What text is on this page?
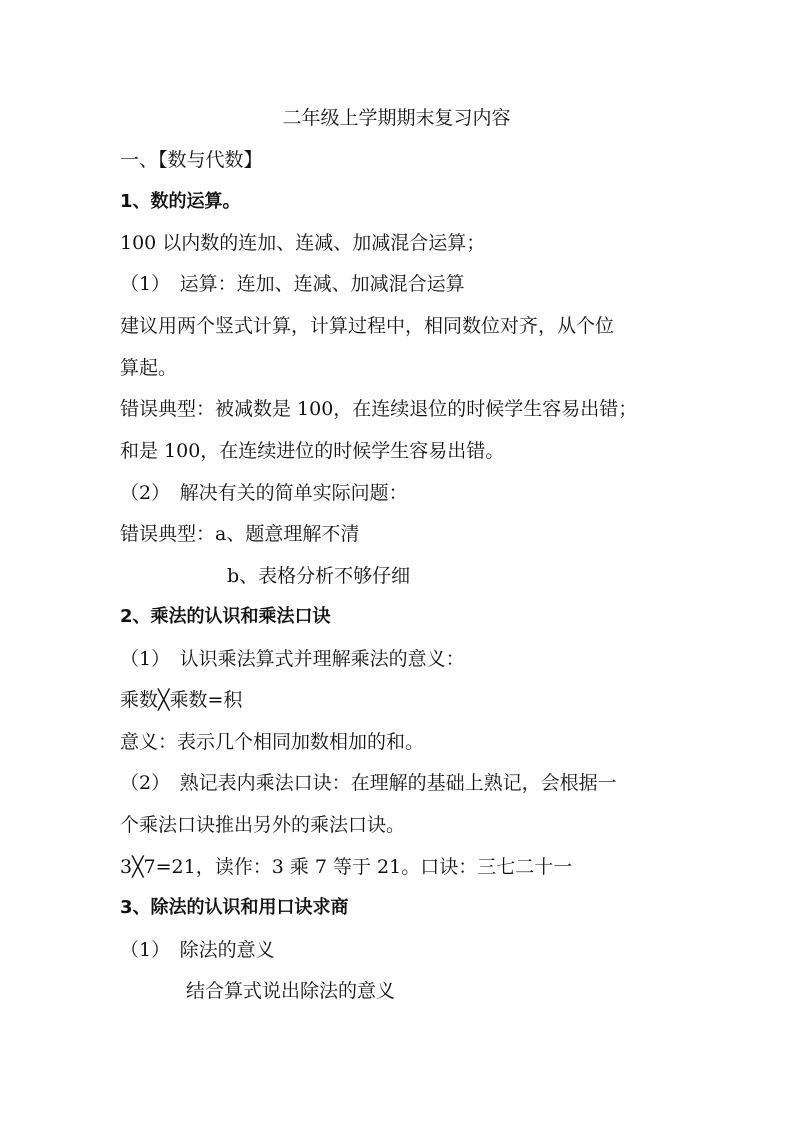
二年级上学期期末复习内容
一、【数与代数】
1、数的运算。
100 以内数的连加、连减、加减混合运算；
（1）　运算：连加、连减、加减混合运算
建议用两个竖式计算，计算过程中，相同数位对齐，从个位
算起。
错误典型：被减数是 100，在连续退位的时候学生容易出错；
和是 100，在连续进位的时候学生容易出错。
（2）　解决有关的简单实际问题：
错误典型：a、题意理解不清
b、表格分析不够仔细
2、乘法的认识和乘法口诀
（1）　认识乘法算式并理解乘法的意义：
乘数╳乘数=积
意义：表示几个相同加数相加的和。
（2）　熟记表内乘法口诀：在理解的基础上熟记，会根据一
个乘法口诀推出另外的乘法口诀。
3╳7=21，读作：3 乘 7 等于 21。口诀：三七二十一
3、除法的认识和用口诀求商
（1）　除法的意义
结合算式说出除法的意义
